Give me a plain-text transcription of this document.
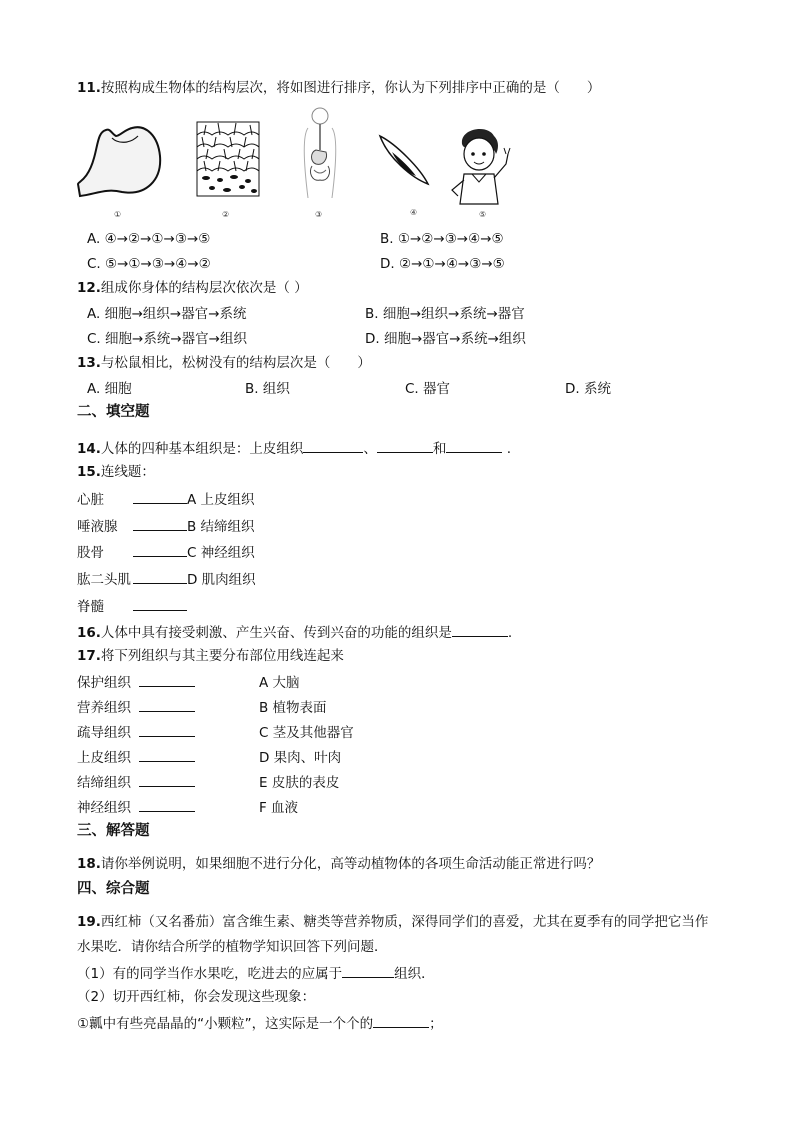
11.按照构成生物体的结构层次，将如图进行排序，你认为下列排序中正确的是（　　）
①	②	③	④	⑤
A. ④→②→①→③→⑤	B. ①→②→③→④→⑤
C. ⑤→①→③→④→②	D. ②→①→④→③→⑤
12.组成你身体的结构层次依次是（ ）
A. 细胞→组织→器官→系统	B. 细胞→组织→系统→器官
C. 细胞→系统→器官→组织	D. 细胞→器官→系统→组织
13.与松鼠相比，松树没有的结构层次是（　　）
A. 细胞	B. 组织	C. 器官	D. 系统
二、填空题
14.人体的四种基本组织是：上皮组织	、	和	.
15.连线题：
心脏	A 上皮组织
唾液腺	B 结缔组织
股骨	C 神经组织
肱二头肌	D 肌肉组织
脊髓
16.人体中具有接受刺激、产生兴奋、传到兴奋的功能的组织是	.
17.将下列组织与其主要分布部位用线连起来
保护组织	A 大脑
营养组织	B 植物表面
疏导组织	C 茎及其他器官
上皮组织	D 果肉、叶肉
结缔组织	E 皮肤的表皮
神经组织	F 血液
三、解答题
18.请你举例说明，如果细胞不进行分化，高等动植物体的各项生命活动能正常进行吗？
四、综合题
19.西红柿（又名番茄）富含维生素、糖类等营养物质，深得同学们的喜爱，尤其在夏季有的同学把它当作
水果吃．请你结合所学的植物学知识回答下列问题．
（1）有的同学当作水果吃，吃进去的应属于	组织．
（2）切开西红柿，你会发现这些现象：
①瓤中有些亮晶晶的“小颗粒”，这实际是一个个的	；
